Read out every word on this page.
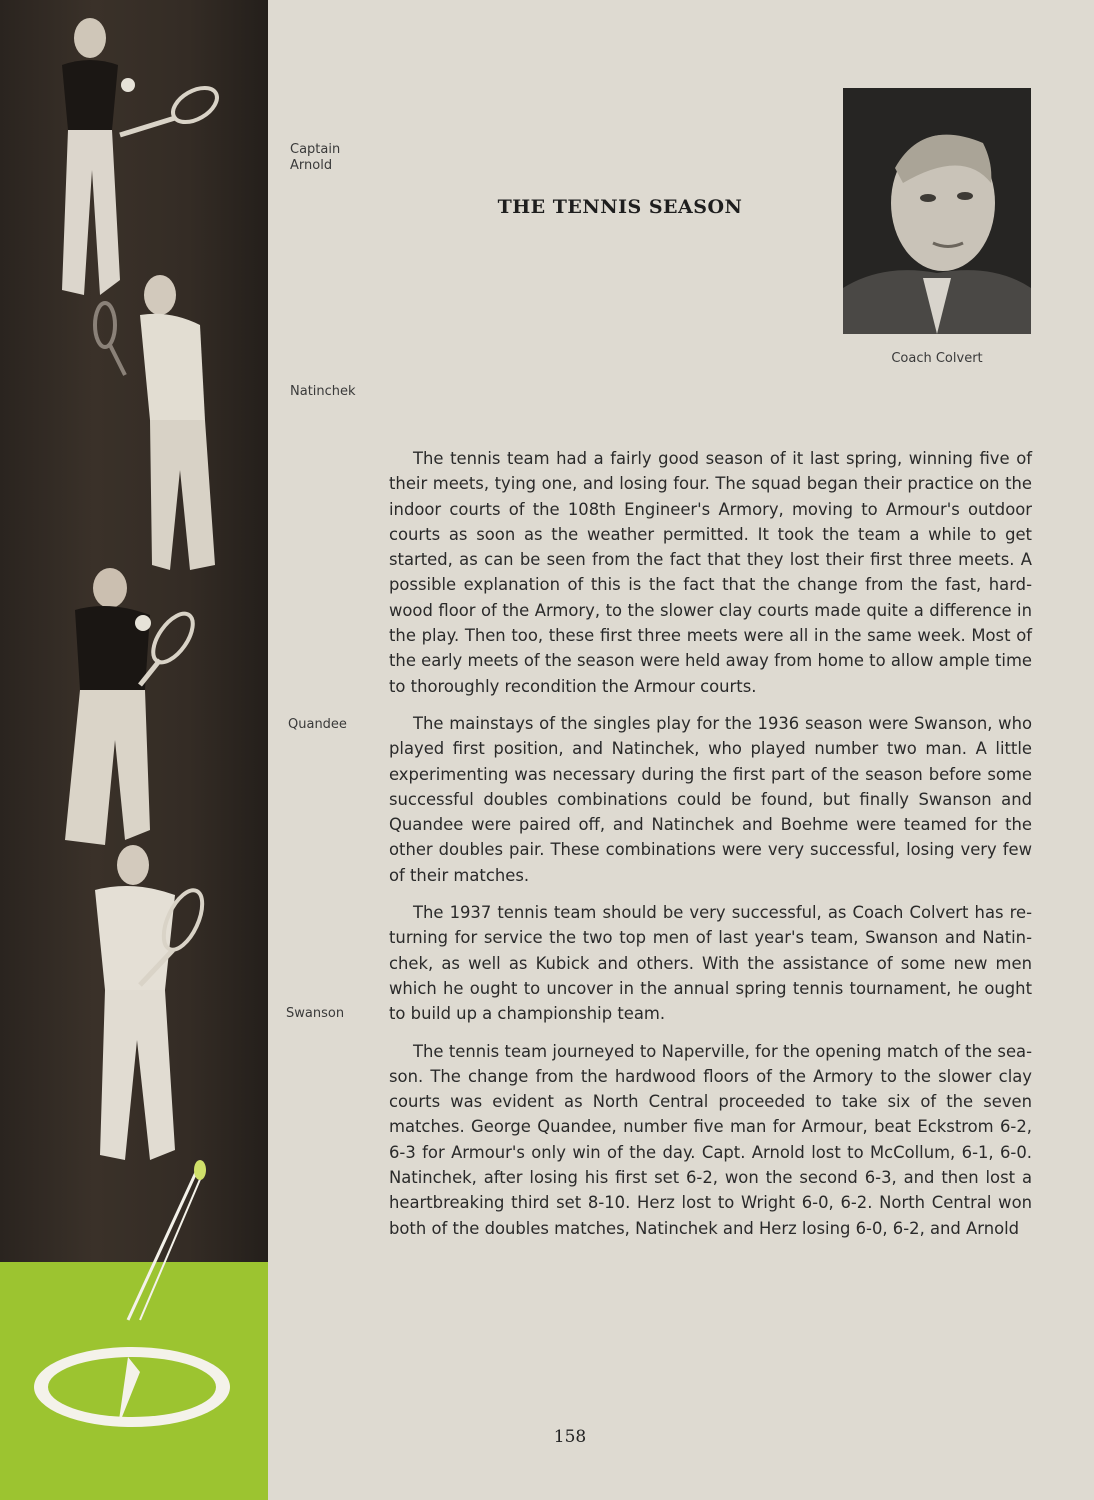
Captain
Arnold
Natinchek
Quandee
Swanson
THE TENNIS SEASON
Coach Colvert

The tennis team had a fairly good season of it last spring, winning five of their meets, tying one, and losing four. The squad began their practice on the indoor courts of the 108th Engineer's Armory, moving to Armour's outdoor courts as soon as the weather permitted. It took the team a while to get started, as can be seen from the fact that they lost their first three meets. A possible explanation of this is the fact that the change from the fast, hard-wood floor of the Armory, to the slower clay courts made quite a difference in the play. Then too, these first three meets were all in the same week. Most of the early meets of the season were held away from home to allow ample time to thoroughly recondition the Armour courts.

The mainstays of the singles play for the 1936 season were Swanson, who played first position, and Natinchek, who played number two man. A little experimenting was necessary during the first part of the season before some successful doubles combinations could be found, but finally Swanson and Quandee were paired off, and Natinchek and Boehme were teamed for the other doubles pair. These combinations were very successful, losing very few of their matches.

The 1937 tennis team should be very successful, as Coach Colvert has re-turning for service the two top men of last year's team, Swanson and Natin-chek, as well as Kubick and others. With the assistance of some new men which he ought to uncover in the annual spring tennis tournament, he ought to build up a championship team.

The tennis team journeyed to Naperville, for the opening match of the sea-son. The change from the hardwood floors of the Armory to the slower clay courts was evident as North Central proceeded to take six of the seven matches. George Quandee, number five man for Armour, beat Eckstrom 6-2, 6-3 for Armour's only win of the day. Capt. Arnold lost to McCollum, 6-1, 6-0. Natinchek, after losing his first set 6-2, won the second 6-3, and then lost a heartbreaking third set 8-10. Herz lost to Wright 6-0, 6-2. North Central won both of the doubles matches, Natinchek and Herz losing 6-0, 6-2, and Arnold

158
